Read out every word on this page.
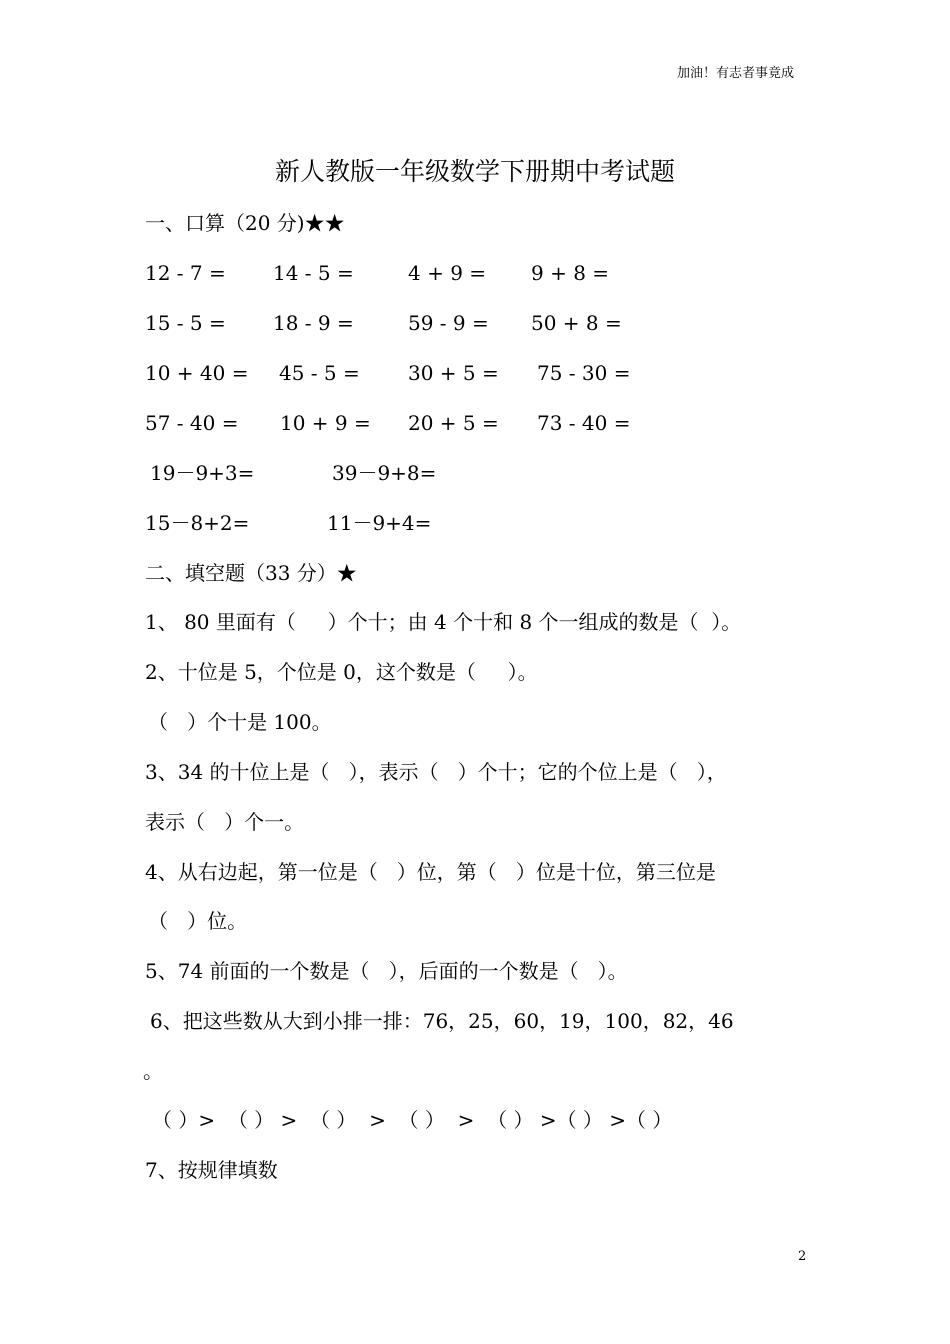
加油！有志者事竟成
新人教版一年级数学下册期中考试题
一、口算（20 分)★★
12 - 7 = 14 - 5 =	4 + 9 = 9 + 8 =
15 - 5 = 18 - 9 =	59 - 9 = 50 + 8 =
10 + 40 = 45 - 5 = 30 + 5 = 75 - 30 =
57 - 40 = 10 + 9 = 20 + 5 = 73 - 40 =
19－9+3=	39－9+8=
15－8+2=	11－9+4=
二、填空题（33 分）★
1、 80 里面有（     ）个十；由 4 个十和 8 个一组成的数是（  ）。
2、十位是 5，个位是 0，这个数是（     ）。
（   ）个十是 100。
3、34 的十位上是（   ），表示（   ）个十；它的个位上是（   ），
表示（   ）个一。
4、从右边起，第一位是（   ）位，第（   ）位是十位，第三位是
（   ）位。
5、74 前面的一个数是（   ），后面的一个数是（   ）。
6、把这些数从大到小排一排：76，25，60，19，100，82，46
。
（ ）>  （ ） >  （ ）  >  （ ）  >  （ ） >（ ） >（ ）
7、按规律填数
2
